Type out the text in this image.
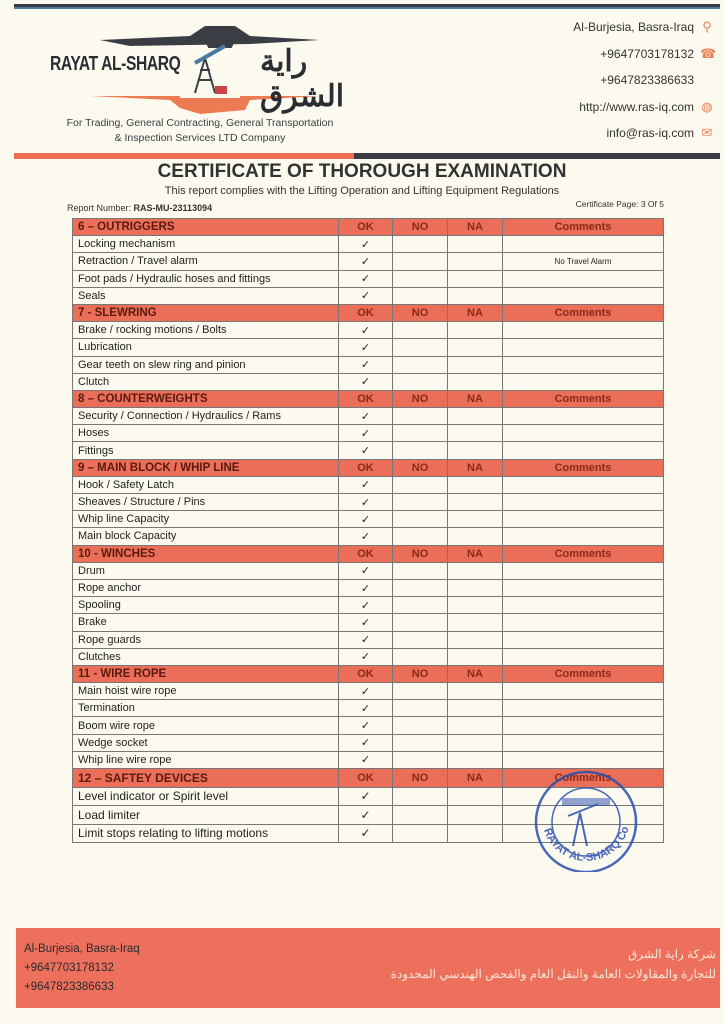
RAYAT AL-SHARQ	راية الشرق
For Trading, General Contracting, General Transportation
& Inspection Services LTD Company
Al-Burjesia, Basra-Iraq ⚲
+9647703178132 ☎
+9647823386633
http://www.ras-iq.com ◍
info@ras-iq.com ✉
CERTIFICATE OF THOROUGH EXAMINATION
This report complies with the Lifting Operation and Lifting Equipment Regulations
Report Number: RAS-MU-23113094	Certificate Page: 3 Of 5
6 – OUTRIGGERS	OK	NO	NA	Comments
Locking mechanism	✓			
Retraction / Travel alarm	✓			No Travel Alarm
Foot pads / Hydraulic hoses and fittings	✓			
Seals	✓			
7 - SLEWRING	OK	NO	NA	Comments
Brake / rocking motions / Bolts	✓			
Lubrication	✓			
Gear teeth on slew ring and pinion	✓			
Clutch	✓			
8 – COUNTERWEIGHTS	OK	NO	NA	Comments
Security / Connection / Hydraulics / Rams	✓			
Hoses	✓			
Fittings	✓			
9 – MAIN BLOCK / WHIP LINE	OK	NO	NA	Comments
Hook / Safety Latch	✓			
Sheaves / Structure / Pins	✓			
Whip line Capacity	✓			
Main block Capacity	✓			
10 - WINCHES	OK	NO	NA	Comments
Drum	✓			
Rope anchor	✓			
Spooling	✓			
Brake	✓			
Rope guards	✓			
Clutches	✓			
11 - WIRE ROPE	OK	NO	NA	Comments
Main hoist wire rope	✓			
Termination	✓			
Boom wire rope	✓			
Wedge socket	✓			
Whip line wire rope	✓			
12 – SAFTEY DEVICES	OK	NO	NA	Comments
Level indicator or Spirit level	✓			
Load limiter	✓			
Limit stops relating to lifting motions	✓				RAYAT AL-SHARQ Co
Al-Burjesia, Basra-Iraq
+9647703178132
+9647823386633
شركة راية الشرق
للتجارة والمقاولات العامة والنقل العام والفحص الهندسي المحدودة
